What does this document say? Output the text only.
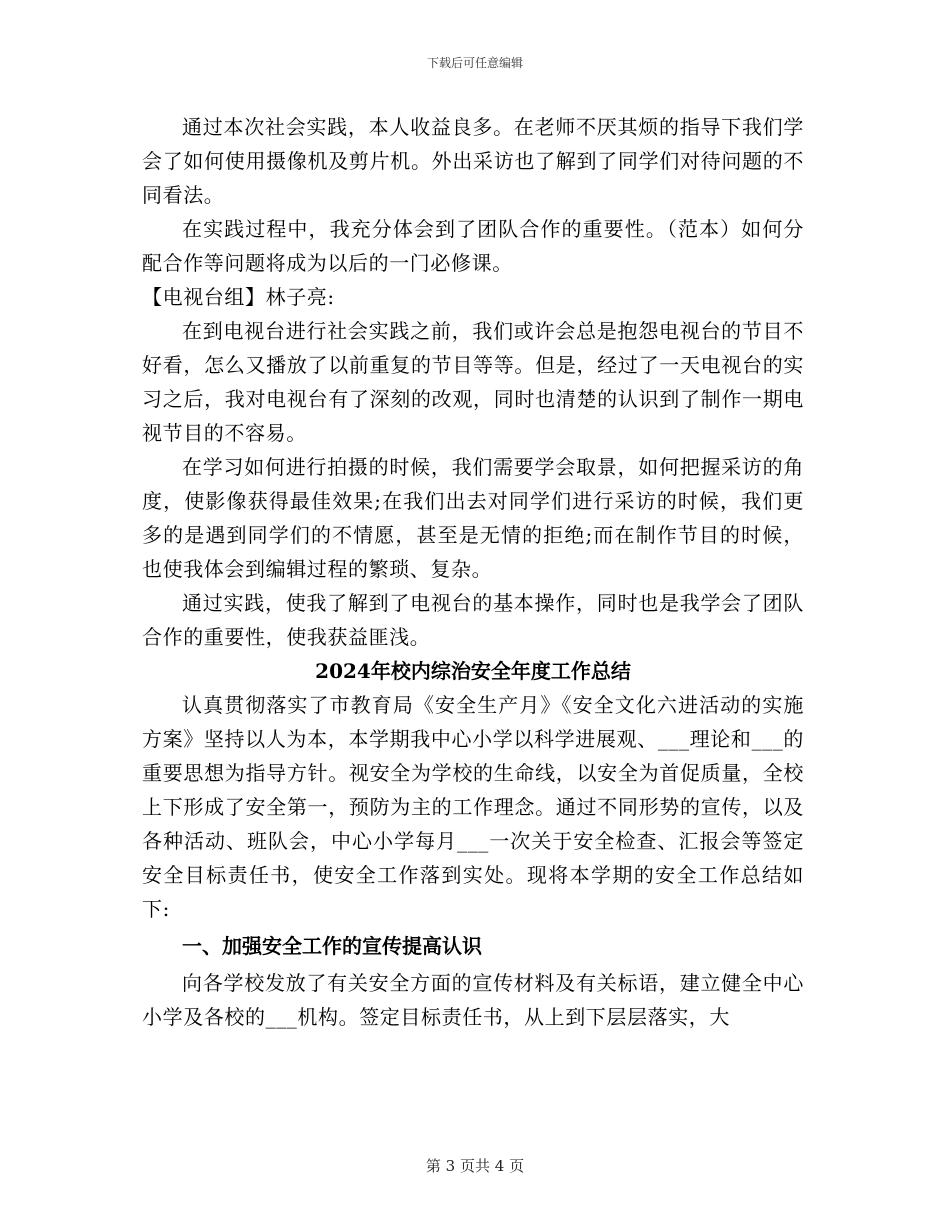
下载后可任意编辑

通过本次社会实践，本人收益良多。在老师不厌其烦的指导下我们学会了如何使用摄像机及剪片机。外出采访也了解到了同学们对待问题的不同看法。

在实践过程中，我充分体会到了团队合作的重要性。（范本）如何分配合作等问题将成为以后的一门必修课。

【电视台组】林子亮:

在到电视台进行社会实践之前，我们或许会总是抱怨电视台的节目不好看，怎么又播放了以前重复的节目等等。但是，经过了一天电视台的实习之后，我对电视台有了深刻的改观，同时也清楚的认识到了制作一期电视节目的不容易。

在学习如何进行拍摄的时候，我们需要学会取景，如何把握采访的角度，使影像获得最佳效果;在我们出去对同学们进行采访的时候，我们更多的是遇到同学们的不情愿，甚至是无情的拒绝;而在制作节目的时候，也使我体会到编辑过程的繁琐、复杂。

通过实践，使我了解到了电视台的基本操作，同时也是我学会了团队合作的重要性，使我获益匪浅。

2024年校内综治安全年度工作总结

认真贯彻落实了市教育局《安全生产月》《安全文化六进活动的实施方案》坚持以人为本，本学期我中心小学以科学进展观、___理论和___的重要思想为指导方针。视安全为学校的生命线，以安全为首促质量，全校上下形成了安全第一，预防为主的工作理念。通过不同形势的宣传，以及各种活动、班队会，中心小学每月___一次关于安全检查、汇报会等签定安全目标责任书，使安全工作落到实处。现将本学期的安全工作总结如下:

一、加强安全工作的宣传提高认识

向各学校发放了有关安全方面的宣传材料及有关标语，建立健全中心小学及各校的___机构。签定目标责任书，从上到下层层落实，大

第 3 页共 4 页
